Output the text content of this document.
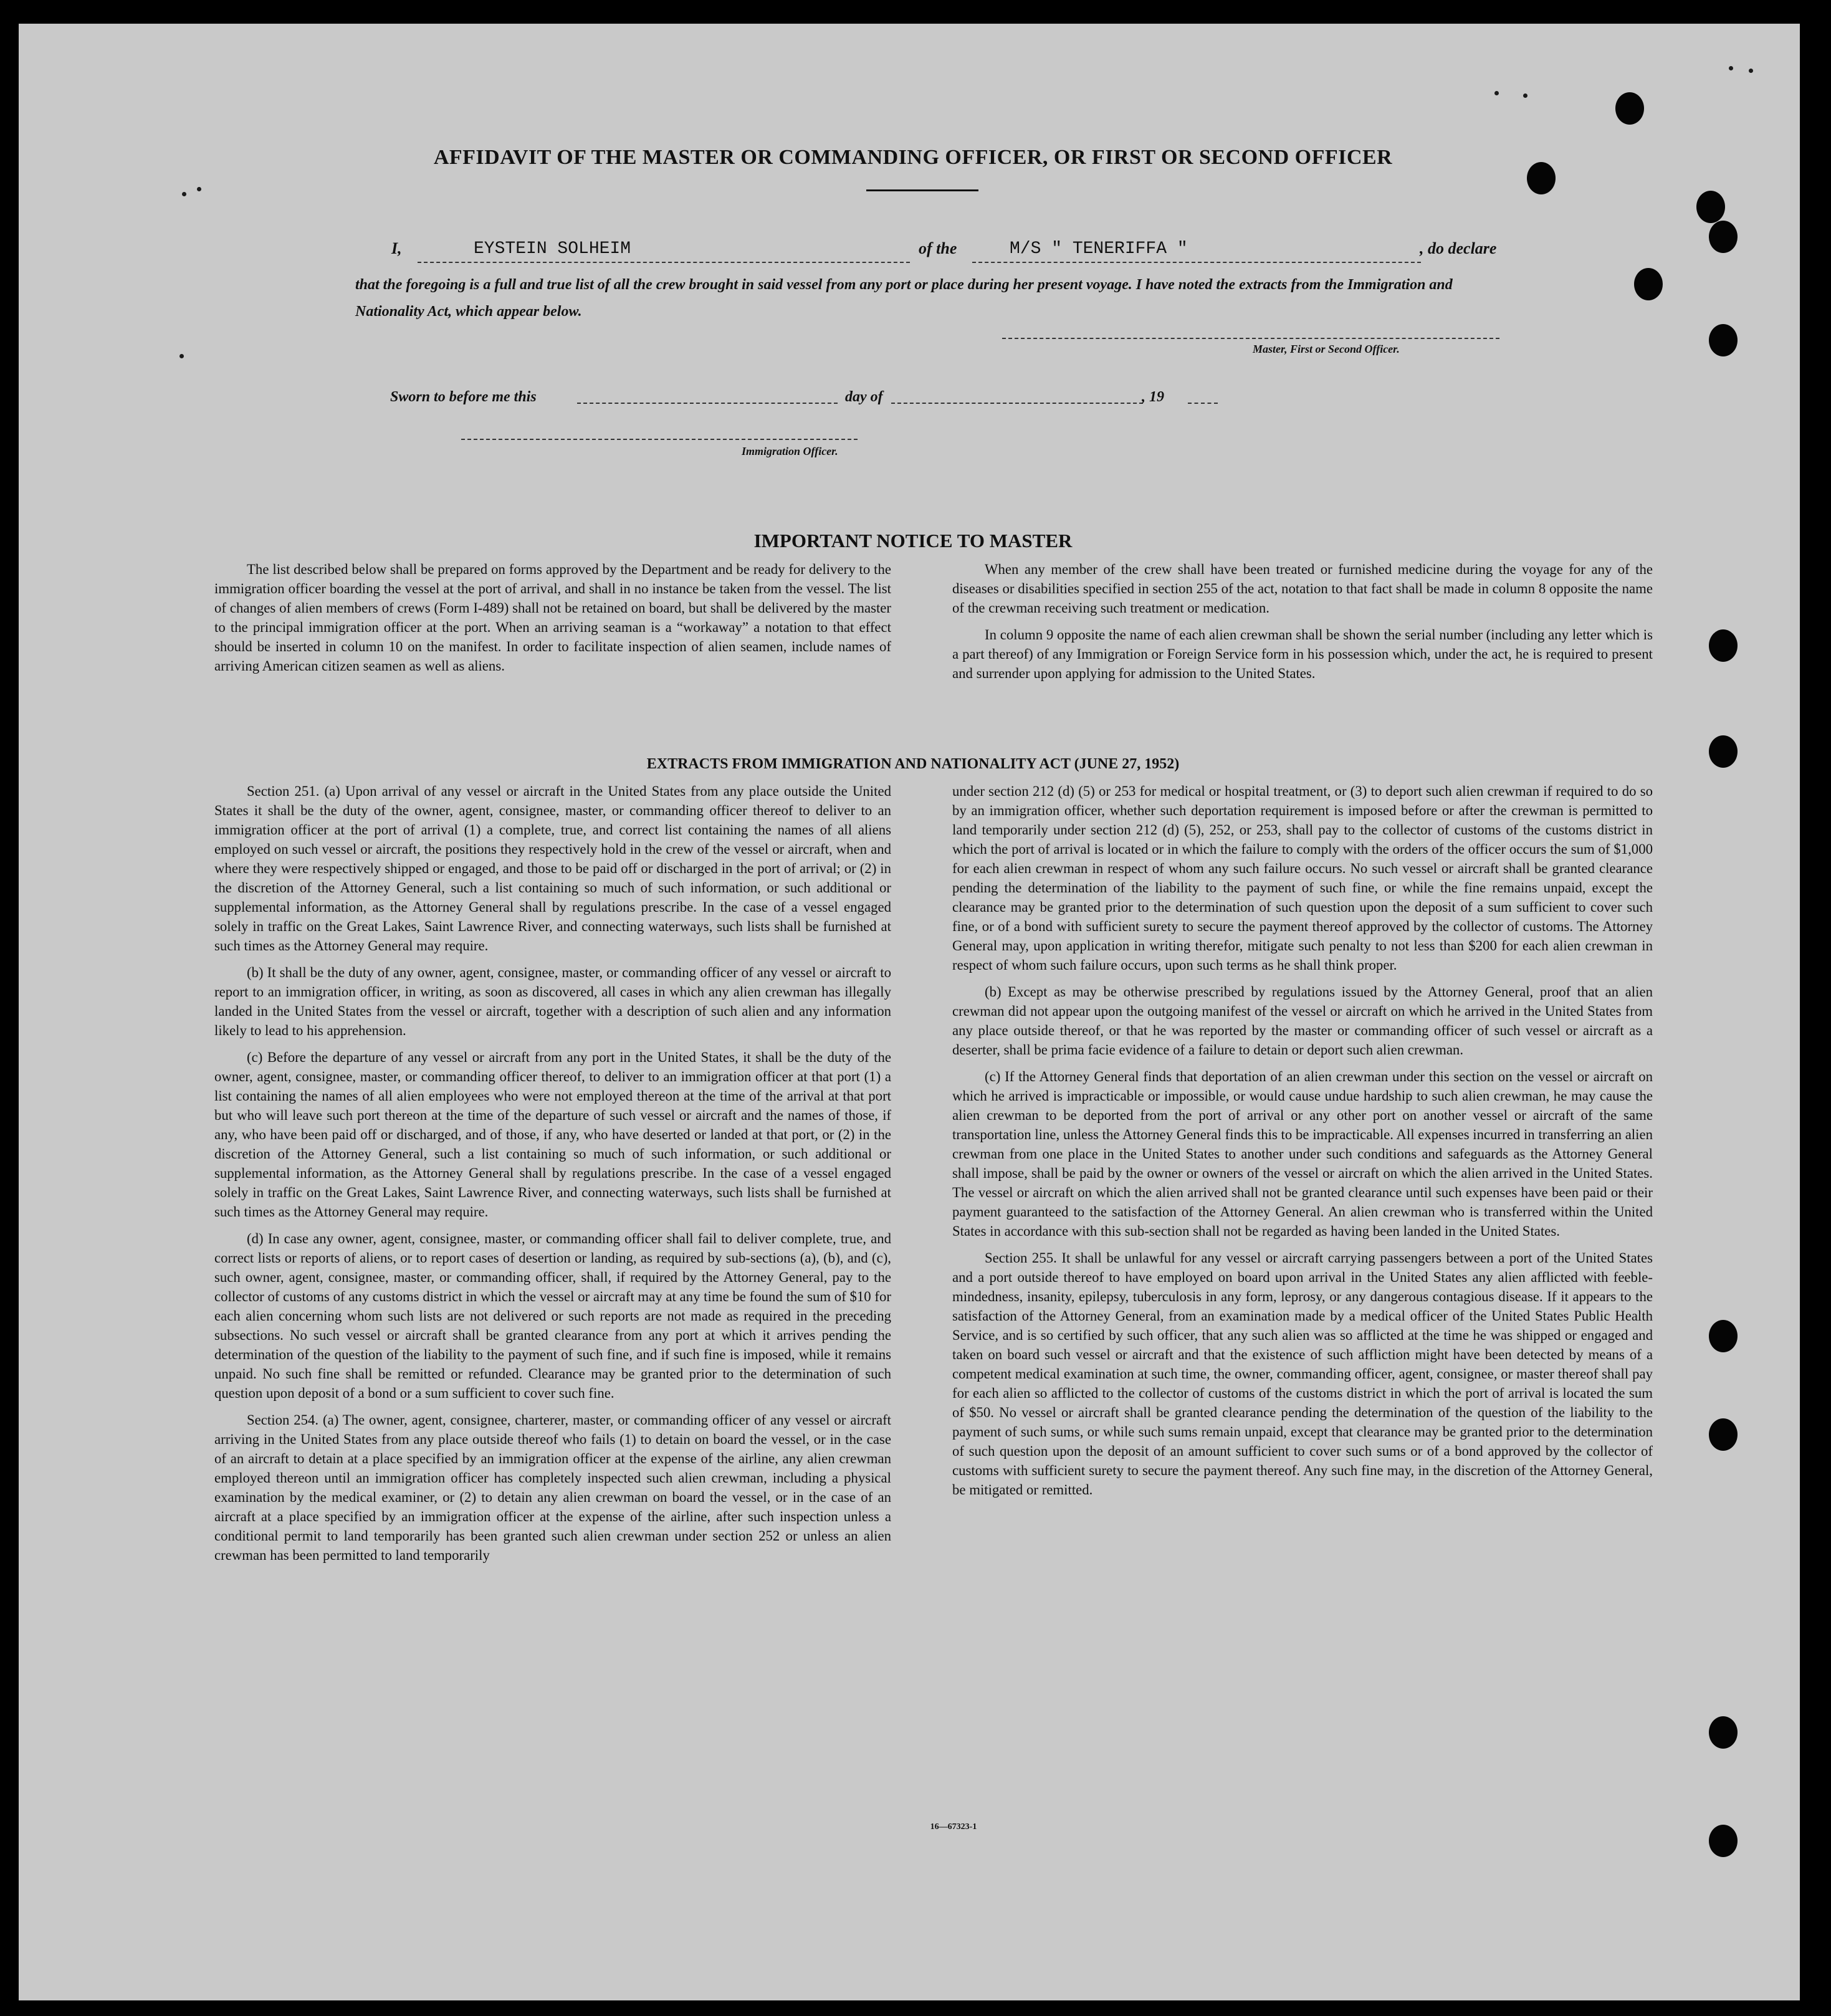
AFFIDAVIT OF THE MASTER OR COMMANDING OFFICER, OR FIRST OR SECOND OFFICER
I,	EYSTEIN SOLHEIM	of the	M/S " TENERIFFA "	, do declare
that the foregoing is a full and true list of all the crew brought in said vessel from any port or place during her present voyage. I have noted the extracts from the Immigration and Nationality Act, which appear below.
Master, First or Second Officer.
Sworn to before me this	day of	, 19
Immigration Officer.
IMPORTANT NOTICE TO MASTER

The list described below shall be prepared on forms approved by the Department and be ready for delivery to the immigration officer boarding the vessel at the port of arrival, and shall in no instance be taken from the vessel. The list of changes of alien members of crews (Form I-489) shall not be retained on board, but shall be delivered by the master to the principal immigration officer at the port. When an arriving seaman is a “workaway” a notation to that effect should be inserted in column 10 on the manifest. In order to facilitate inspection of alien seamen, include names of arriving American citizen seamen as well as aliens.

When any member of the crew shall have been treated or furnished medicine during the voyage for any of the diseases or disabilities specified in section 255 of the act, notation to that fact shall be made in column 8 opposite the name of the crewman receiving such treatment or medication.

In column 9 opposite the name of each alien crewman shall be shown the serial number (including any letter which is a part thereof) of any Immigration or Foreign Service form in his possession which, under the act, he is required to present and surrender upon applying for admission to the United States.

EXTRACTS FROM IMMIGRATION AND NATIONALITY ACT (JUNE 27, 1952)

Section 251. (a) Upon arrival of any vessel or aircraft in the United States from any place outside the United States it shall be the duty of the owner, agent, consignee, master, or commanding officer thereof to deliver to an immigration officer at the port of arrival (1) a complete, true, and correct list containing the names of all aliens employed on such vessel or aircraft, the positions they respectively hold in the crew of the vessel or aircraft, when and where they were respectively shipped or engaged, and those to be paid off or discharged in the port of arrival; or (2) in the discretion of the Attorney General, such a list containing so much of such information, or such additional or supplemental information, as the Attorney General shall by regulations prescribe. In the case of a vessel engaged solely in traffic on the Great Lakes, Saint Lawrence River, and connecting waterways, such lists shall be furnished at such times as the Attorney General may require.

(b) It shall be the duty of any owner, agent, consignee, master, or commanding officer of any vessel or aircraft to report to an immigration officer, in writing, as soon as discovered, all cases in which any alien crewman has illegally landed in the United States from the vessel or aircraft, together with a description of such alien and any information likely to lead to his apprehension.

(c) Before the departure of any vessel or aircraft from any port in the United States, it shall be the duty of the owner, agent, consignee, master, or commanding officer thereof, to deliver to an immigration officer at that port (1) a list containing the names of all alien employees who were not employed thereon at the time of the arrival at that port but who will leave such port thereon at the time of the departure of such vessel or aircraft and the names of those, if any, who have been paid off or discharged, and of those, if any, who have deserted or landed at that port, or (2) in the discretion of the Attorney General, such a list containing so much of such information, or such additional or supplemental information, as the Attorney General shall by regulations prescribe. In the case of a vessel engaged solely in traffic on the Great Lakes, Saint Lawrence River, and connecting waterways, such lists shall be furnished at such times as the Attorney General may require.

(d) In case any owner, agent, consignee, master, or commanding officer shall fail to deliver complete, true, and correct lists or reports of aliens, or to report cases of desertion or landing, as required by sub-sections (a), (b), and (c), such owner, agent, consignee, master, or commanding officer, shall, if required by the Attorney General, pay to the collector of customs of any customs district in which the vessel or aircraft may at any time be found the sum of $10 for each alien concerning whom such lists are not delivered or such reports are not made as required in the preceding subsections. No such vessel or aircraft shall be granted clearance from any port at which it arrives pending the determination of the question of the liability to the payment of such fine, and if such fine is imposed, while it remains unpaid. No such fine shall be remitted or refunded. Clearance may be granted prior to the determination of such question upon deposit of a bond or a sum sufficient to cover such fine.

Section 254. (a) The owner, agent, consignee, charterer, master, or commanding officer of any vessel or aircraft arriving in the United States from any place outside thereof who fails (1) to detain on board the vessel, or in the case of an aircraft to detain at a place specified by an immigration officer at the expense of the airline, any alien crewman employed thereon until an immigration officer has completely inspected such alien crewman, including a physical examination by the medical examiner, or (2) to detain any alien crewman on board the vessel, or in the case of an aircraft at a place specified by an immigration officer at the expense of the airline, after such inspection unless a conditional permit to land temporarily has been granted such alien crewman under section 252 or unless an alien crewman has been permitted to land temporarily

under section 212 (d) (5) or 253 for medical or hospital treatment, or (3) to deport such alien crewman if required to do so by an immigration officer, whether such deportation requirement is imposed before or after the crewman is permitted to land temporarily under section 212 (d) (5), 252, or 253, shall pay to the collector of customs of the customs district in which the port of arrival is located or in which the failure to comply with the orders of the officer occurs the sum of $1,000 for each alien crewman in respect of whom any such failure occurs. No such vessel or aircraft shall be granted clearance pending the determination of the liability to the payment of such fine, or while the fine remains unpaid, except the clearance may be granted prior to the determination of such question upon the deposit of a sum sufficient to cover such fine, or of a bond with sufficient surety to secure the payment thereof approved by the collector of customs. The Attorney General may, upon application in writing therefor, mitigate such penalty to not less than $200 for each alien crewman in respect of whom such failure occurs, upon such terms as he shall think proper.

(b) Except as may be otherwise prescribed by regulations issued by the Attorney General, proof that an alien crewman did not appear upon the outgoing manifest of the vessel or aircraft on which he arrived in the United States from any place outside thereof, or that he was reported by the master or commanding officer of such vessel or aircraft as a deserter, shall be prima facie evidence of a failure to detain or deport such alien crewman.

(c) If the Attorney General finds that deportation of an alien crewman under this section on the vessel or aircraft on which he arrived is impracticable or impossible, or would cause undue hardship to such alien crewman, he may cause the alien crewman to be deported from the port of arrival or any other port on another vessel or aircraft of the same transportation line, unless the Attorney General finds this to be impracticable. All expenses incurred in transferring an alien crewman from one place in the United States to another under such conditions and safeguards as the Attorney General shall impose, shall be paid by the owner or owners of the vessel or aircraft on which the alien arrived in the United States. The vessel or aircraft on which the alien arrived shall not be granted clearance until such expenses have been paid or their payment guaranteed to the satisfaction of the Attorney General. An alien crewman who is transferred within the United States in accordance with this sub-section shall not be regarded as having been landed in the United States.

Section 255. It shall be unlawful for any vessel or aircraft carrying passengers between a port of the United States and a port outside thereof to have employed on board upon arrival in the United States any alien afflicted with feeble-mindedness, insanity, epilepsy, tuberculosis in any form, leprosy, or any dangerous contagious disease. If it appears to the satisfaction of the Attorney General, from an examination made by a medical officer of the United States Public Health Service, and is so certified by such officer, that any such alien was so afflicted at the time he was shipped or engaged and taken on board such vessel or aircraft and that the existence of such affliction might have been detected by means of a competent medical examination at such time, the owner, commanding officer, agent, consignee, or master thereof shall pay for each alien so afflicted to the collector of customs of the customs district in which the port of arrival is located the sum of $50. No vessel or aircraft shall be granted clearance pending the determination of the question of the liability to the payment of such sums, or while such sums remain unpaid, except that clearance may be granted prior to the determination of such question upon the deposit of an amount sufficient to cover such sums or of a bond approved by the collector of customs with sufficient surety to secure the payment thereof. Any such fine may, in the discretion of the Attorney General, be mitigated or remitted.

16—67323-1
